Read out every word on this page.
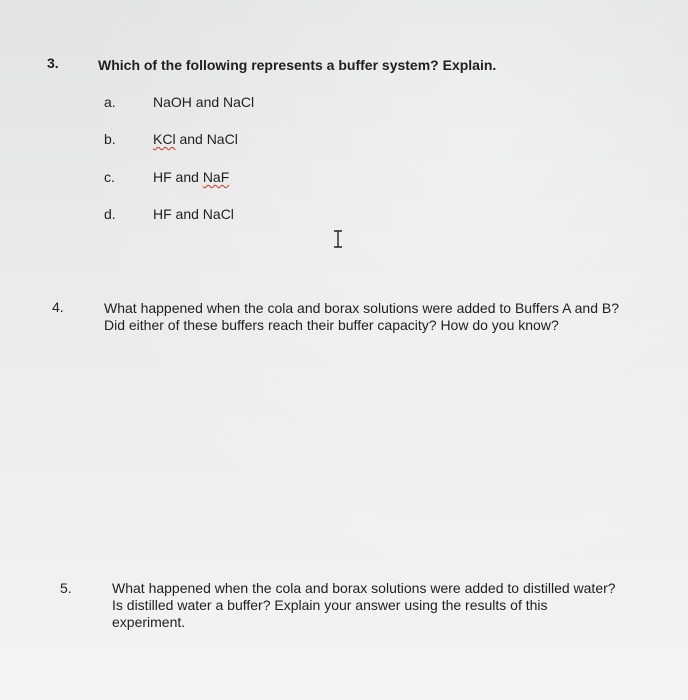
3.	Which of the following represents a buffer system? Explain.
a.	NaOH and NaCl
b.	KCl and NaCl
c.	HF and NaF
d.	HF and NaCl
4.	What happened when the cola and borax solutions were added to Buffers A and B? Did either of these buffers reach their buffer capacity? How do you know?
5.	What happened when the cola and borax solutions were added to distilled water? Is distilled water a buffer? Explain your answer using the results of this experiment.
